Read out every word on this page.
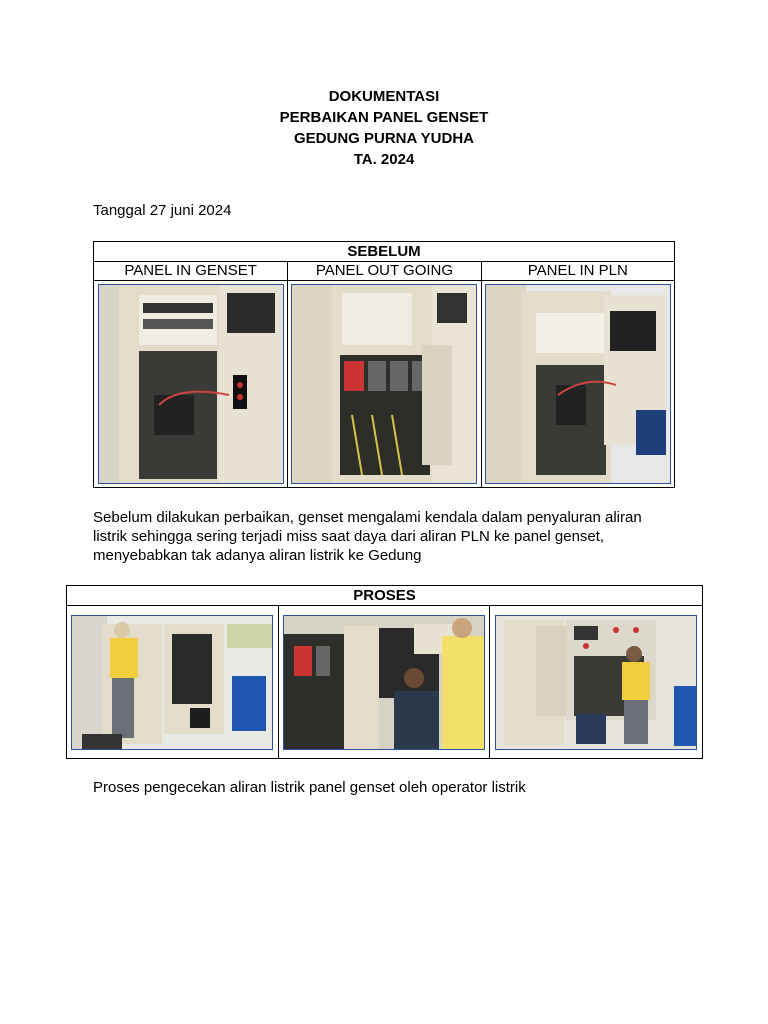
DOKUMENTASI
PERBAIKAN PANEL GENSET
GEDUNG PURNA YUDHA
TA. 2024
Tanggal 27 juni 2024
SEBELUM		
PANEL IN GENSET	PANEL OUT GOING	PANEL IN PLN

Sebelum dilakukan perbaikan, genset mengalami kendala dalam penyaluran aliran
listrik sehingga sering terjadi miss saat daya dari aliran PLN ke panel genset,
menyebabkan tak adanya aliran listrik ke Gedung
PROSES

Proses pengecekan aliran listrik panel genset oleh operator listrik
